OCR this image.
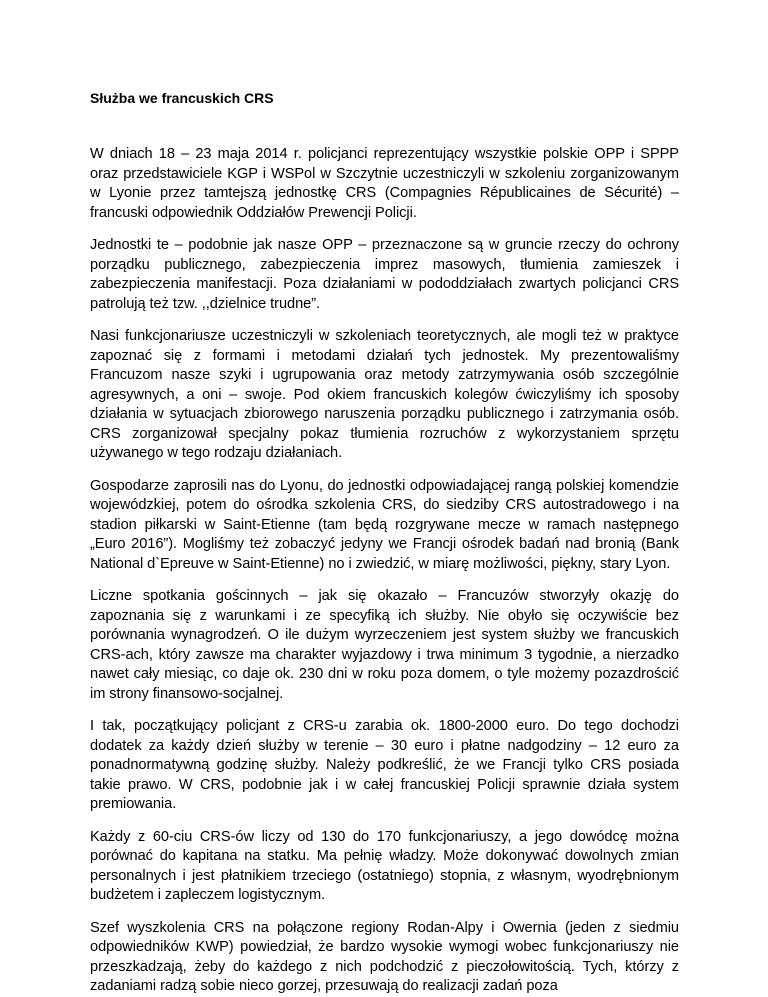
Służba we francuskich CRS

W dniach 18 – 23 maja 2014 r. policjanci reprezentujący wszystkie polskie OPP i SPPP oraz przedstawiciele KGP i WSPol w Szczytnie uczestniczyli w szkoleniu zorganizowanym w Lyonie przez tamtejszą jednostkę CRS (Compagnies Républicaines de Sécurité) – francuski odpowiednik Oddziałów Prewencji Policji.

Jednostki te – podobnie jak nasze OPP – przeznaczone są w gruncie rzeczy do ochrony porządku publicznego, zabezpieczenia imprez masowych, tłumienia zamieszek i zabezpieczenia manifestacji. Poza działaniami w pododdziałach zwartych policjanci CRS patrolują też tzw. ,,dzielnice trudne”.

Nasi funkcjonariusze uczestniczyli w szkoleniach teoretycznych, ale mogli też w praktyce zapoznać się z formami i metodami działań tych jednostek. My prezentowaliśmy Francuzom nasze szyki i ugrupowania oraz metody zatrzymywania osób szczególnie agresywnych, a oni – swoje. Pod okiem francuskich kolegów ćwiczyliśmy ich sposoby działania w sytuacjach zbiorowego naruszenia porządku publicznego i zatrzymania osób. CRS zorganizował specjalny pokaz tłumienia rozruchów z wykorzystaniem sprzętu używanego w tego rodzaju działaniach.

Gospodarze zaprosili nas do Lyonu, do jednostki odpowiadającej rangą polskiej komendzie wojewódzkiej, potem do ośrodka szkolenia CRS, do siedziby CRS autostradowego i na stadion piłkarski w Saint-Etienne (tam będą rozgrywane mecze w ramach następnego „Euro 2016”). Mogliśmy też zobaczyć jedyny we Francji ośrodek badań nad bronią (Bank National d`Epreuve w Saint-Etienne) no i zwiedzić, w miarę możliwości, piękny, stary Lyon.

Liczne spotkania gościnnych – jak się okazało – Francuzów stworzyły okazję do zapoznania się z warunkami i ze specyfiką ich służby. Nie obyło się oczywiście bez porównania wynagrodzeń. O ile dużym wyrzeczeniem jest system służby we francuskich CRS-ach, który zawsze ma charakter wyjazdowy i trwa minimum 3 tygodnie, a nierzadko nawet cały miesiąc, co daje ok. 230 dni w roku poza domem, o tyle możemy pozazdrościć im strony finansowo-socjalnej.

I tak, początkujący policjant z CRS-u zarabia ok. 1800-2000 euro. Do tego dochodzi dodatek za każdy dzień służby w terenie – 30 euro i płatne nadgodziny – 12 euro za ponadnormatywną godzinę służby. Należy podkreślić, że we Francji tylko CRS posiada takie prawo. W CRS, podobnie jak i w całej francuskiej Policji sprawnie działa system premiowania.

Każdy z 60-ciu CRS-ów liczy od 130 do 170 funkcjonariuszy, a jego dowódcę można porównać do kapitana na statku. Ma pełnię władzy. Może dokonywać dowolnych zmian personalnych i jest płatnikiem trzeciego (ostatniego) stopnia, z własnym, wyodrębnionym budżetem i zapleczem logistycznym.

Szef wyszkolenia CRS na połączone regiony Rodan-Alpy i Owernia (jeden z siedmiu odpowiedników KWP) powiedział, że bardzo wysokie wymogi wobec funkcjonariuszy nie przeszkadzają, żeby do każdego z nich podchodzić z pieczołowitością. Tych, którzy z zadaniami radzą sobie nieco gorzej, przesuwają do realizacji zadań poza
